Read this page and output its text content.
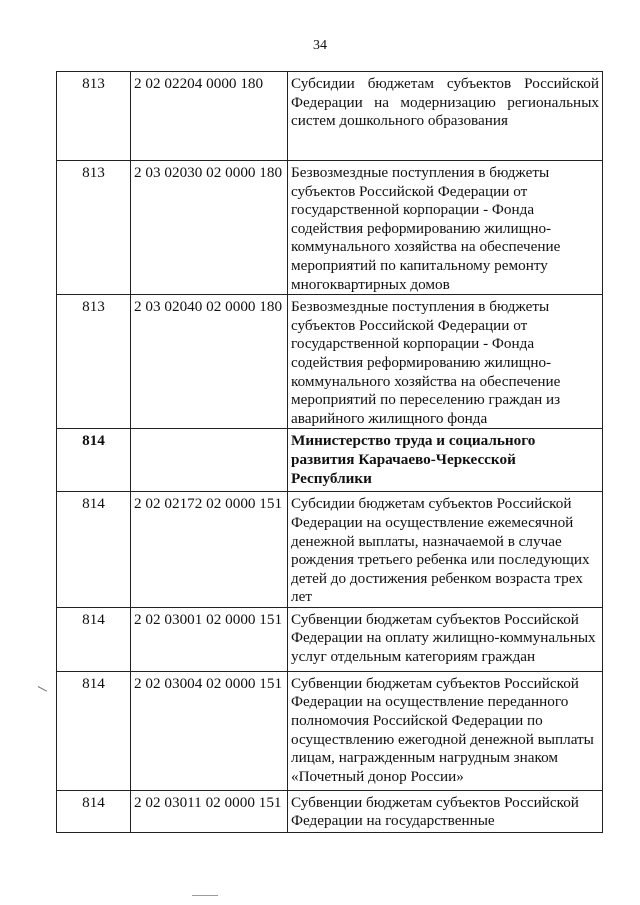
34
813	2 02 02204 0000 180	Субсидии бюджетам субъектов Российской Федерации на модернизацию региональных систем дошкольного образования
813	2 03 02030 02 0000 180	Безвозмездные поступления в бюджеты субъектов Российской Федерации от государственной корпорации - Фонда содействия реформированию жилищно-коммунального хозяйства на обеспечение мероприятий по капитальному ремонту многоквартирных домов
813	2 03 02040 02 0000 180	Безвозмездные поступления в бюджеты субъектов Российской Федерации от государственной корпорации - Фонда содействия реформированию жилищно-коммунального хозяйства на обеспечение мероприятий по переселению граждан из аварийного жилищного фонда
814		Министерство труда и социального развития Карачаево-Черкесской Республики
814	2 02 02172 02 0000 151	Субсидии бюджетам субъектов Российской Федерации на осуществление ежемесячной денежной выплаты, назначаемой в случае рождения третьего ребенка или последующих детей до достижения ребенком возраста трех лет
814	2 02 03001 02 0000 151	Субвенции бюджетам субъектов Российской Федерации на оплату жилищно-коммунальных услуг отдельным категориям граждан
814	2 02 03004 02 0000 151	Субвенции бюджетам субъектов Российской Федерации на осуществление переданного полномочия Российской Федерации по осуществлению ежегодной денежной выплаты лицам, награжденным нагрудным знаком «Почетный донор России»
814	2 02 03011 02 0000 151	Субвенции бюджетам субъектов Российской Федерации на государственные
